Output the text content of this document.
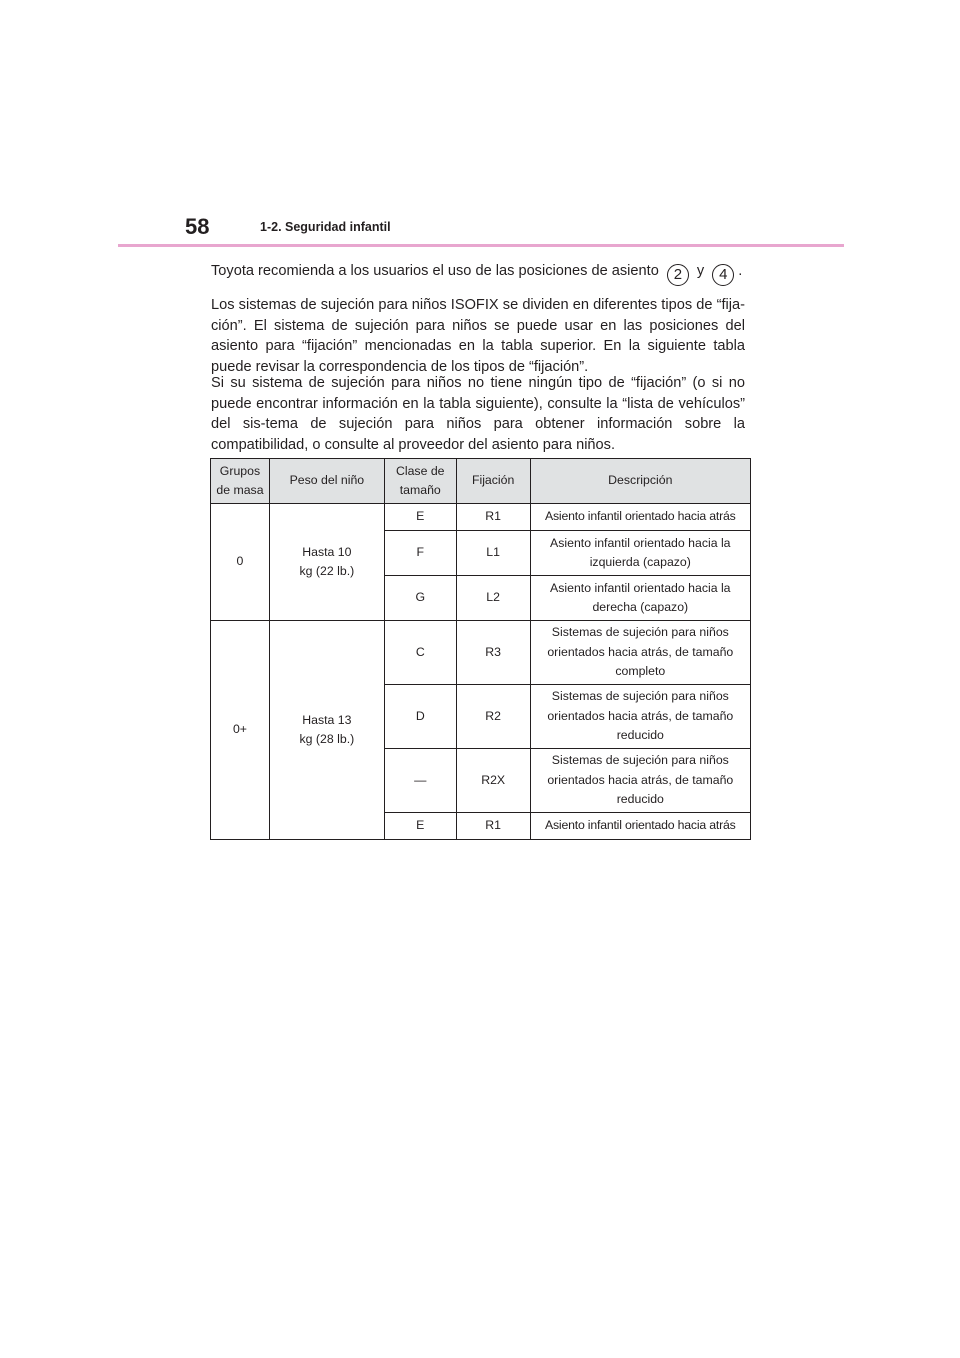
58	1-2. Seguridad infantil

Toyota recomienda a los usuarios el uso de las posiciones de asiento 2 y 4 .

Los sistemas de sujeción para niños ISOFIX se dividen en diferentes tipos de “fija-ción”. El sistema de sujeción para niños se puede usar en las posiciones del asiento para “fijación” mencionadas en la tabla superior. En la siguiente tabla puede revisar la correspondencia de los tipos de “fijación”.

Si su sistema de sujeción para niños no tiene ningún tipo de “fijación” (o si no puede encontrar información en la tabla siguiente), consulte la “lista de vehículos” del sis-tema de sujeción para niños para obtener información sobre la compatibilidad, o consulte al proveedor del asiento para niños.

Grupos de masa	Peso del niño	Clase de tamaño	Fijación	Descripción
0	Hasta 10 kg (22 lb.)	E	R1	Asiento infantil orientado hacia atrás
		F	L1	Asiento infantil orientado hacia la izquierda (capazo)
		G	L2	Asiento infantil orientado hacia la derecha (capazo)
0+	Hasta 13 kg (28 lb.)	C	R3	Sistemas de sujeción para niños orientados hacia atrás, de tamaño completo
		D	R2	Sistemas de sujeción para niños orientados hacia atrás, de tamaño reducido
		—	R2X	Sistemas de sujeción para niños orientados hacia atrás, de tamaño reducido
		E	R1	Asiento infantil orientado hacia atrás
